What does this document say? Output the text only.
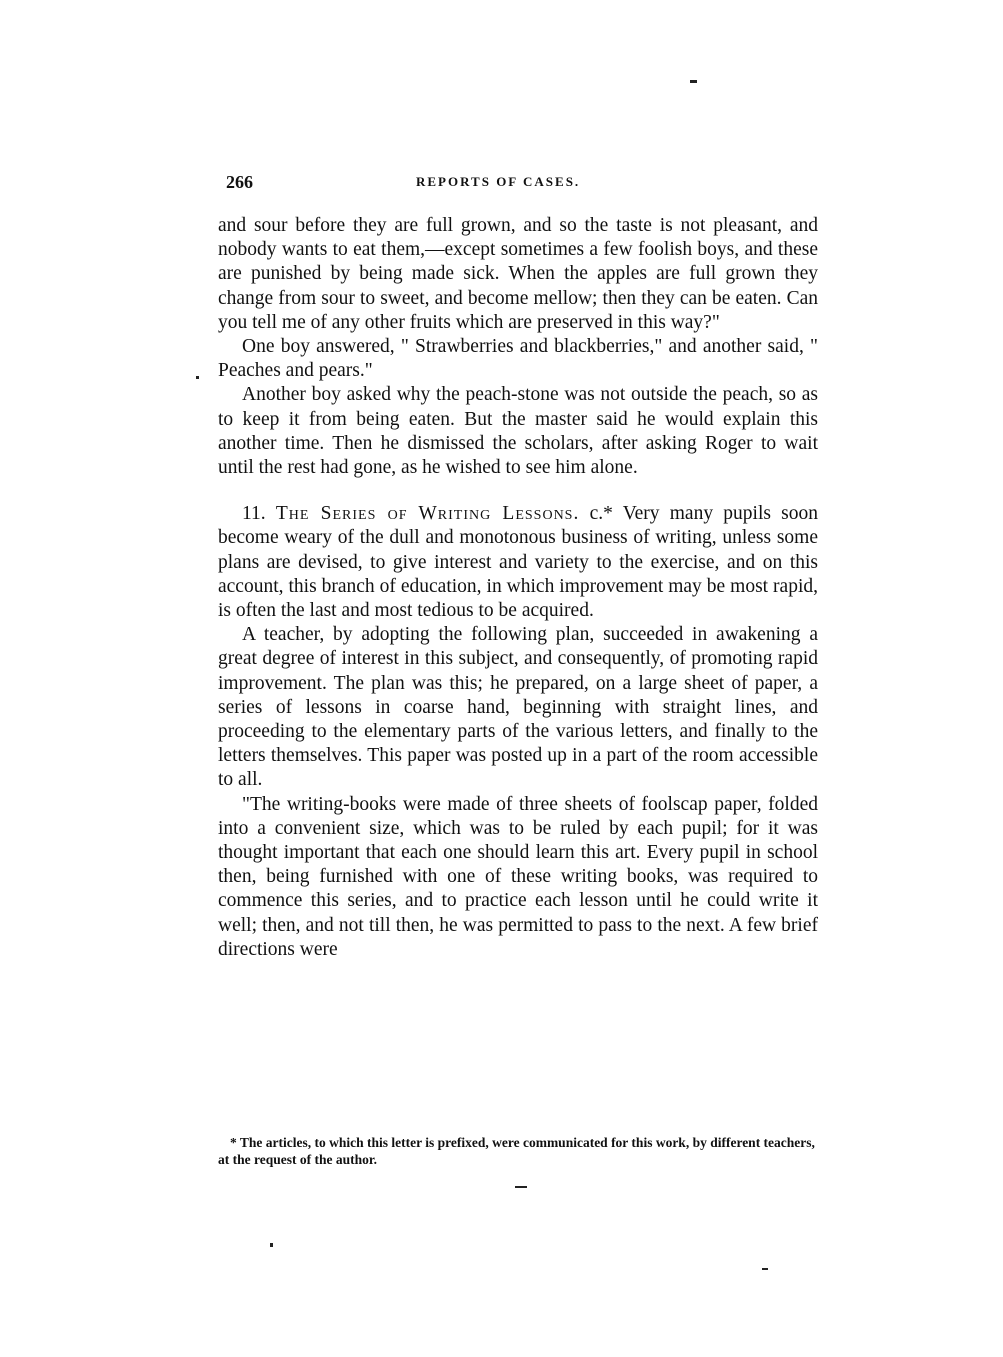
266	REPORTS OF CASES.

and sour before they are full grown, and so the taste is not pleasant, and nobody wants to eat them,—except sometimes a few foolish boys, and these are punished by being made sick. When the apples are full grown they change from sour to sweet, and become mellow; then they can be eaten. Can you tell me of any other fruits which are preserved in this way?"

One boy answered, " Strawberries and blackberries," and another said, " Peaches and pears."

Another boy asked why the peach-stone was not outside the peach, so as to keep it from being eaten. But the master said he would explain this another time. Then he dismissed the scholars, after asking Roger to wait until the rest had gone, as he wished to see him alone.

11. The Series of Writing Lessons. c.* Very many pupils soon become weary of the dull and monotonous business of writing, unless some plans are devised, to give interest and variety to the exercise, and on this account, this branch of education, in which improvement may be most rapid, is often the last and most tedious to be acquired.

A teacher, by adopting the following plan, succeeded in awakening a great degree of interest in this subject, and consequently, of promoting rapid improvement. The plan was this; he prepared, on a large sheet of paper, a series of lessons in coarse hand, beginning with straight lines, and proceeding to the elementary parts of the various letters, and finally to the letters themselves. This paper was posted up in a part of the room accessible to all.

"The writing-books were made of three sheets of foolscap paper, folded into a convenient size, which was to be ruled by each pupil; for it was thought important that each one should learn this art. Every pupil in school then, being furnished with one of these writing books, was required to commence this series, and to practice each lesson until he could write it well; then, and not till then, he was permitted to pass to the next. A few brief directions were

* The articles, to which this letter is prefixed, were communicated for this work, by different teachers, at the request of the author.
